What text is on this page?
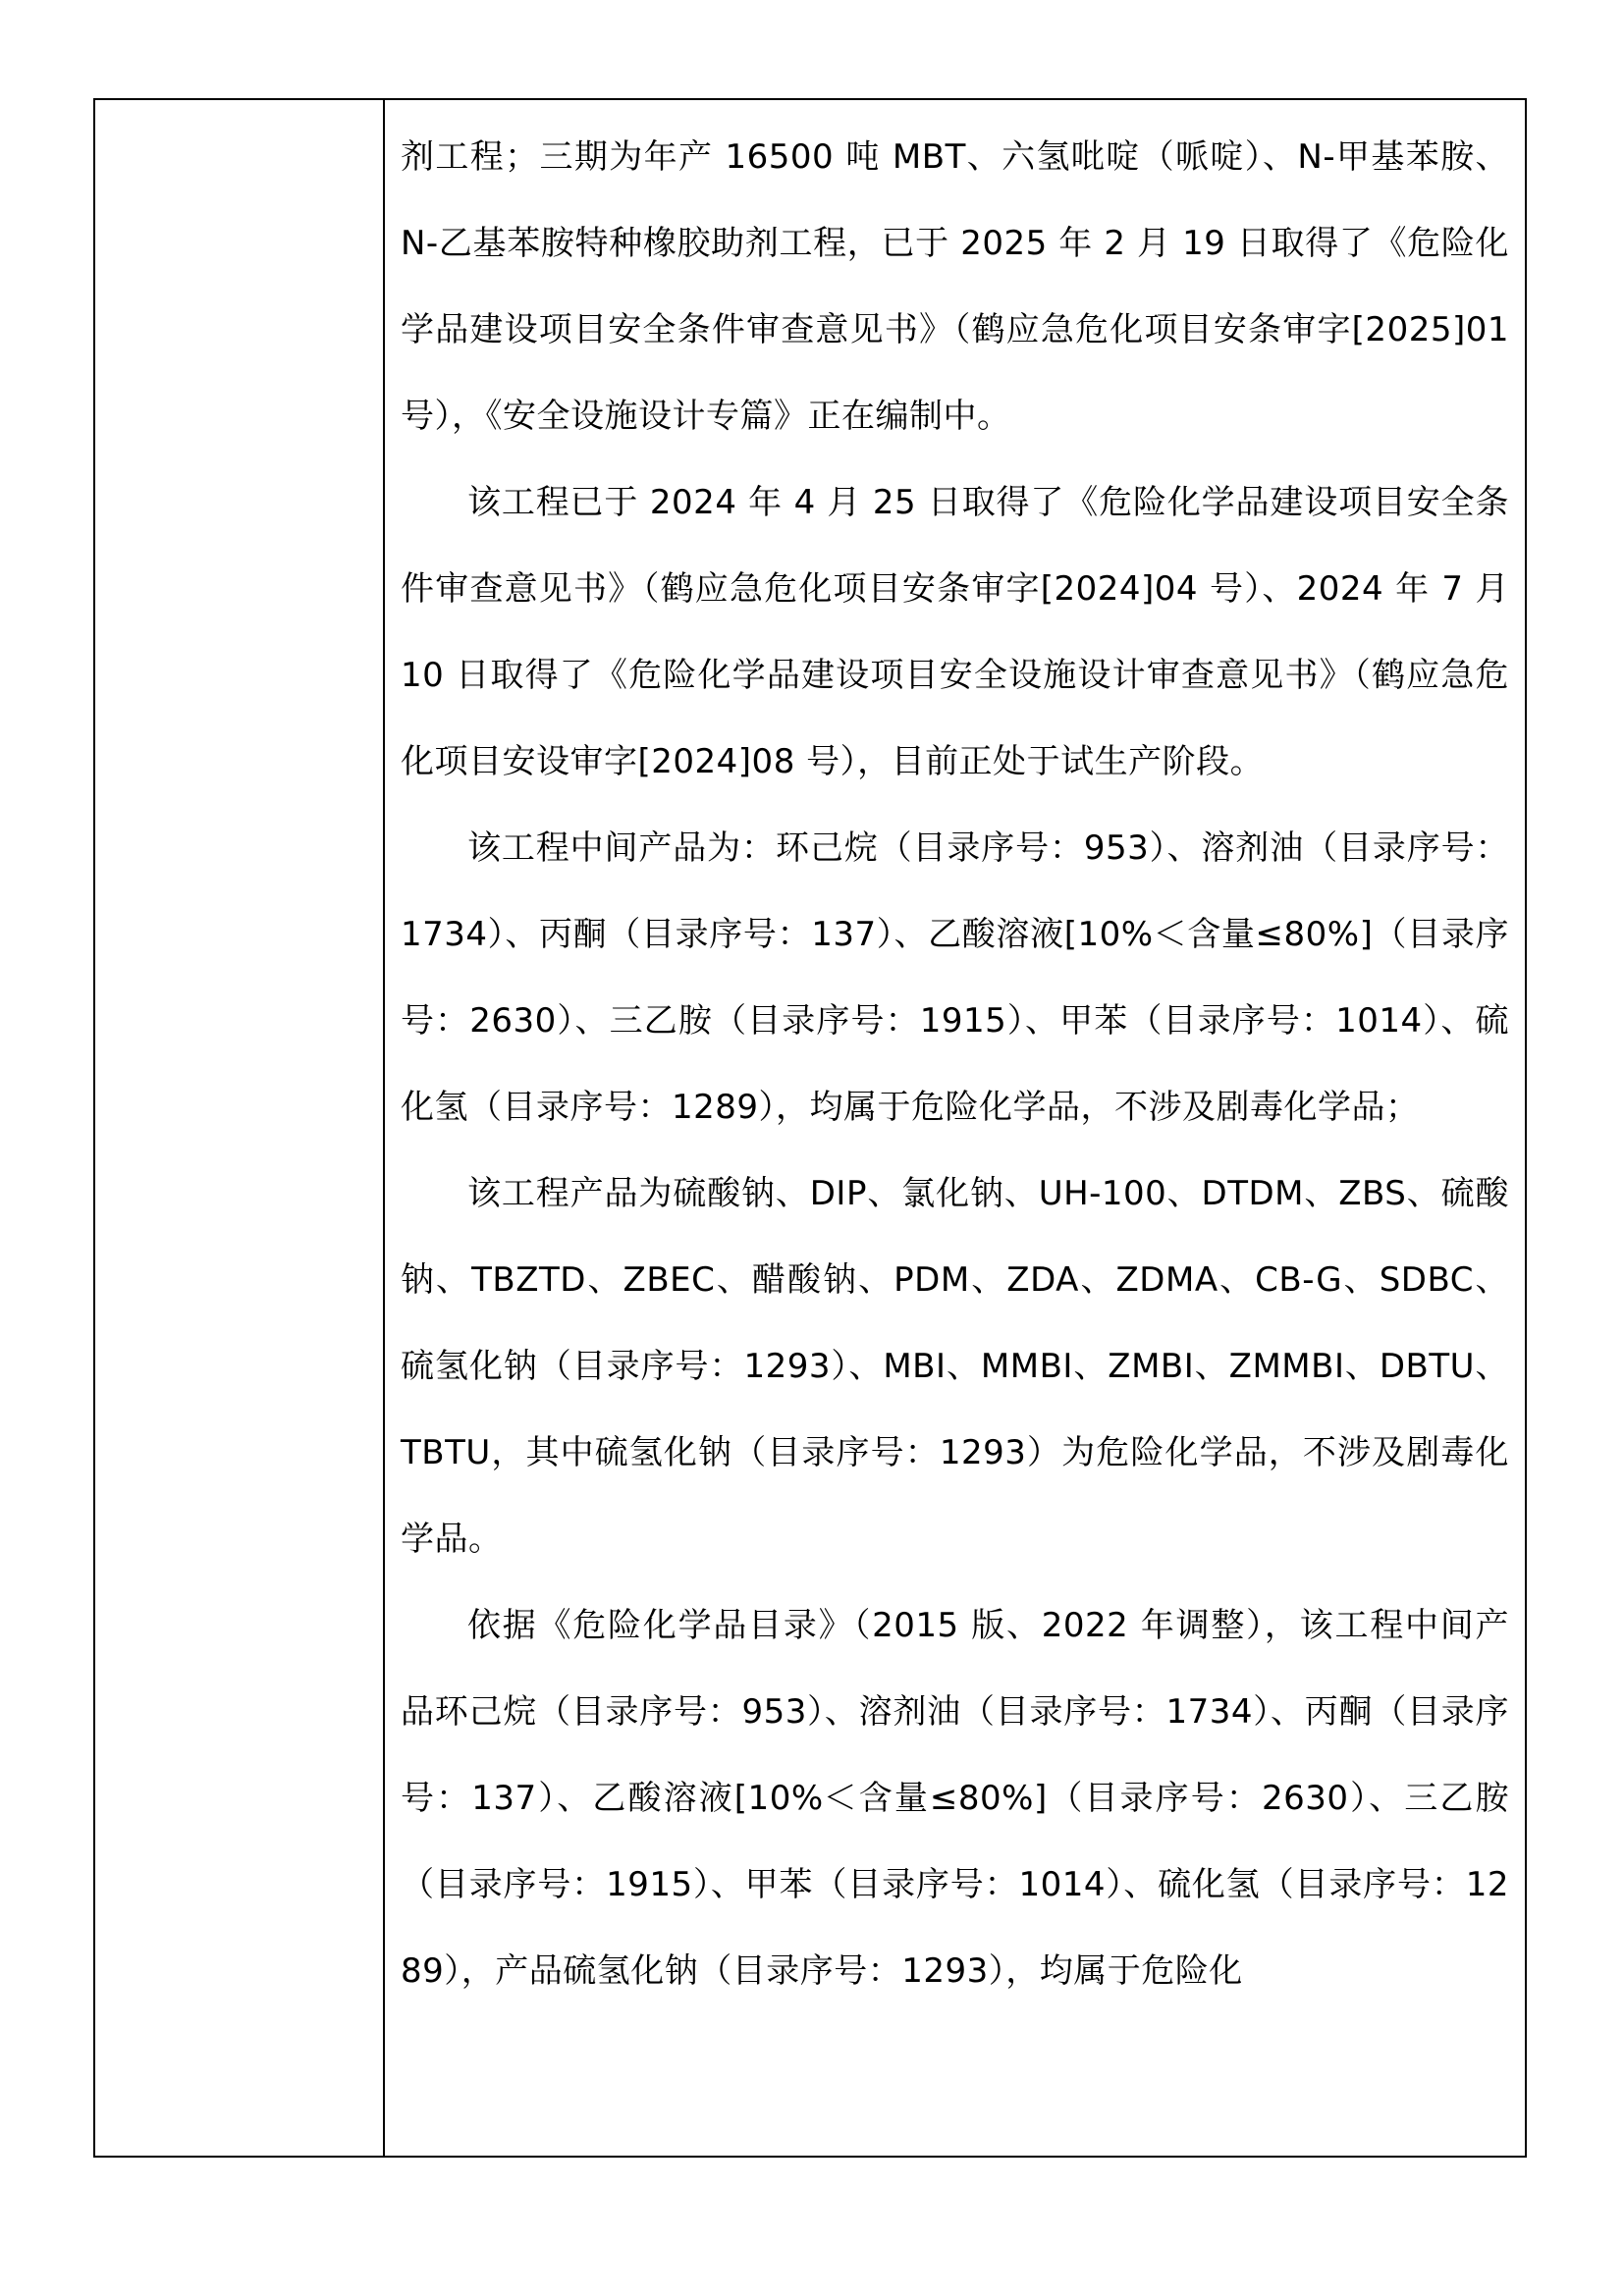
剂工程；三期为年产 16500 吨 MBT、六氢吡啶（哌啶）、N-甲基苯胺、N-乙基苯胺特种橡胶助剂工程，已于 2025 年 2 月 19 日取得了《危险化学品建设项目安全条件审查意见书》（鹤应急危化项目安条审字[2025]01 号），《安全设施设计专篇》正在编制中。

该工程已于 2024 年 4 月 25 日取得了《危险化学品建设项目安全条件审查意见书》（鹤应急危化项目安条审字[2024]04 号）、2024 年 7 月 10 日取得了《危险化学品建设项目安全设施设计审查意见书》（鹤应急危化项目安设审字[2024]08 号），目前正处于试生产阶段。

该工程中间产品为：环己烷（目录序号：953）、溶剂油（目录序号：1734）、丙酮（目录序号：137）、乙酸溶液[10%＜含量≤80%]（目录序号：2630）、三乙胺（目录序号：1915）、甲苯（目录序号：1014）、硫化氢（目录序号：1289），均属于危险化学品，不涉及剧毒化学品；

该工程产品为硫酸钠、DIP、氯化钠、UH-100、DTDM、ZBS、硫酸钠、TBZTD、ZBEC、醋酸钠、PDM、ZDA、ZDMA、CB-G、SDBC、硫氢化钠（目录序号：1293）、MBI、MMBI、ZMBI、ZMMBI、DBTU、TBTU，其中硫氢化钠（目录序号：1293）为危险化学品，不涉及剧毒化学品。

依据《危险化学品目录》（2015 版、2022 年调整），该工程中间产品环己烷（目录序号：953）、溶剂油（目录序号：1734）、丙酮（目录序号：137）、乙酸溶液[10%＜含量≤80%]（目录序号：2630）、三乙胺（目录序号：1915）、甲苯（目录序号：1014）、硫化氢（目录序号：1289），产品硫氢化钠（目录序号：1293），均属于危险化
